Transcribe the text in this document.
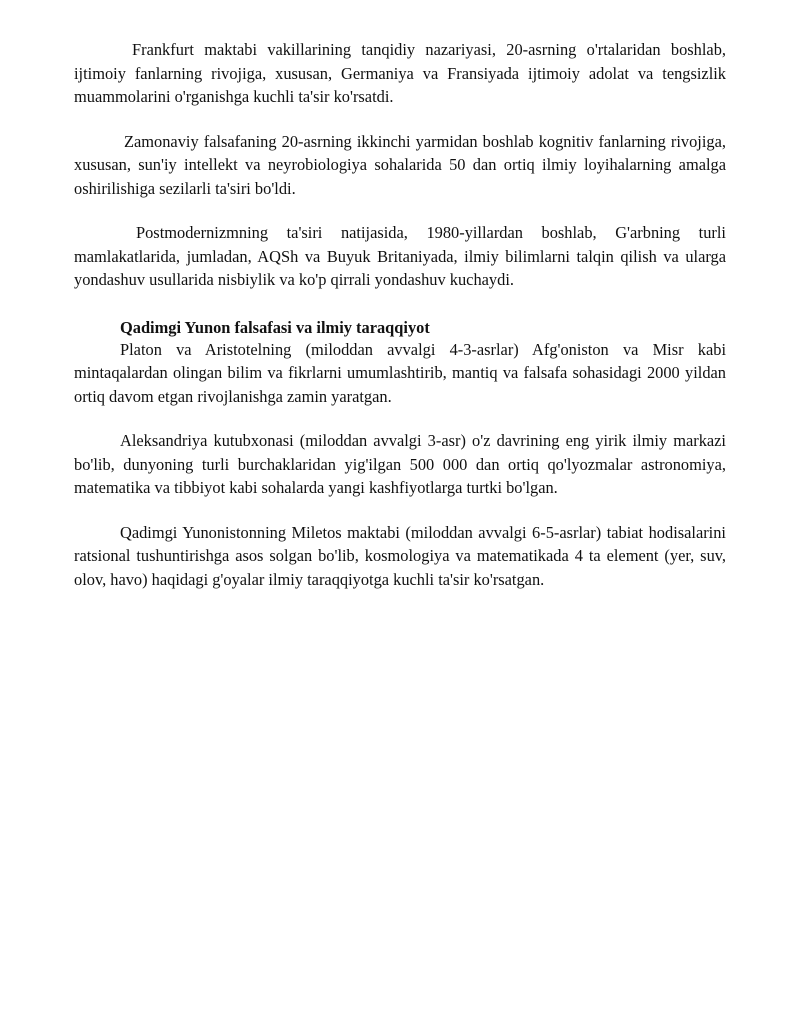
Frankfurt maktabi vakillarining tanqidiy nazariyasi, 20-asrning o'rtalaridan boshlab, ijtimoiy fanlarning rivojiga, xususan, Germaniya va Fransiyada ijtimoiy adolat va tengsizlik muammolarini o'rganishga kuchli ta'sir ko'rsatdi.

Zamonaviy falsafaning 20-asrning ikkinchi yarmidan boshlab kognitiv fanlarning rivojiga, xususan, sun'iy intellekt va neyrobiologiya sohalarida 50 dan ortiq ilmiy loyihalarning amalga oshirilishiga sezilarli ta'siri bo'ldi.

Postmodernizmning ta'siri natijasida, 1980-yillardan boshlab, G'arbning turli mamlakatlarida, jumladan, AQSh va Buyuk Britaniyada, ilmiy bilimlarni talqin qilish va ularga yondashuv usullarida nisbiylik va ko'p qirrali yondashuv kuchaydi.

Qadimgi Yunon falsafasi va ilmiy taraqqiyot

Platon va Aristotelning (miloddan avvalgi 4-3-asrlar) Afg'oniston va Misr kabi mintaqalardan olingan bilim va fikrlarni umumlashtirib, mantiq va falsafa sohasidagi 2000 yildan ortiq davom etgan rivojlanishga zamin yaratgan.

Aleksandriya kutubxonasi (miloddan avvalgi 3-asr) o'z davrining eng yirik ilmiy markazi bo'lib, dunyoning turli burchaklaridan yig'ilgan 500 000 dan ortiq qo'lyozmalar astronomiya, matematika va tibbiyot kabi sohalarda yangi kashfiyotlarga turtki bo'lgan.

Qadimgi Yunonistonning Miletos maktabi (miloddan avvalgi 6-5-asrlar) tabiat hodisalarini ratsional tushuntirishga asos solgan bo'lib, kosmologiya va matematikada 4 ta element (yer, suv, olov, havo) haqidagi g'oyalar ilmiy taraqqiyotga kuchli ta'sir ko'rsatgan.
